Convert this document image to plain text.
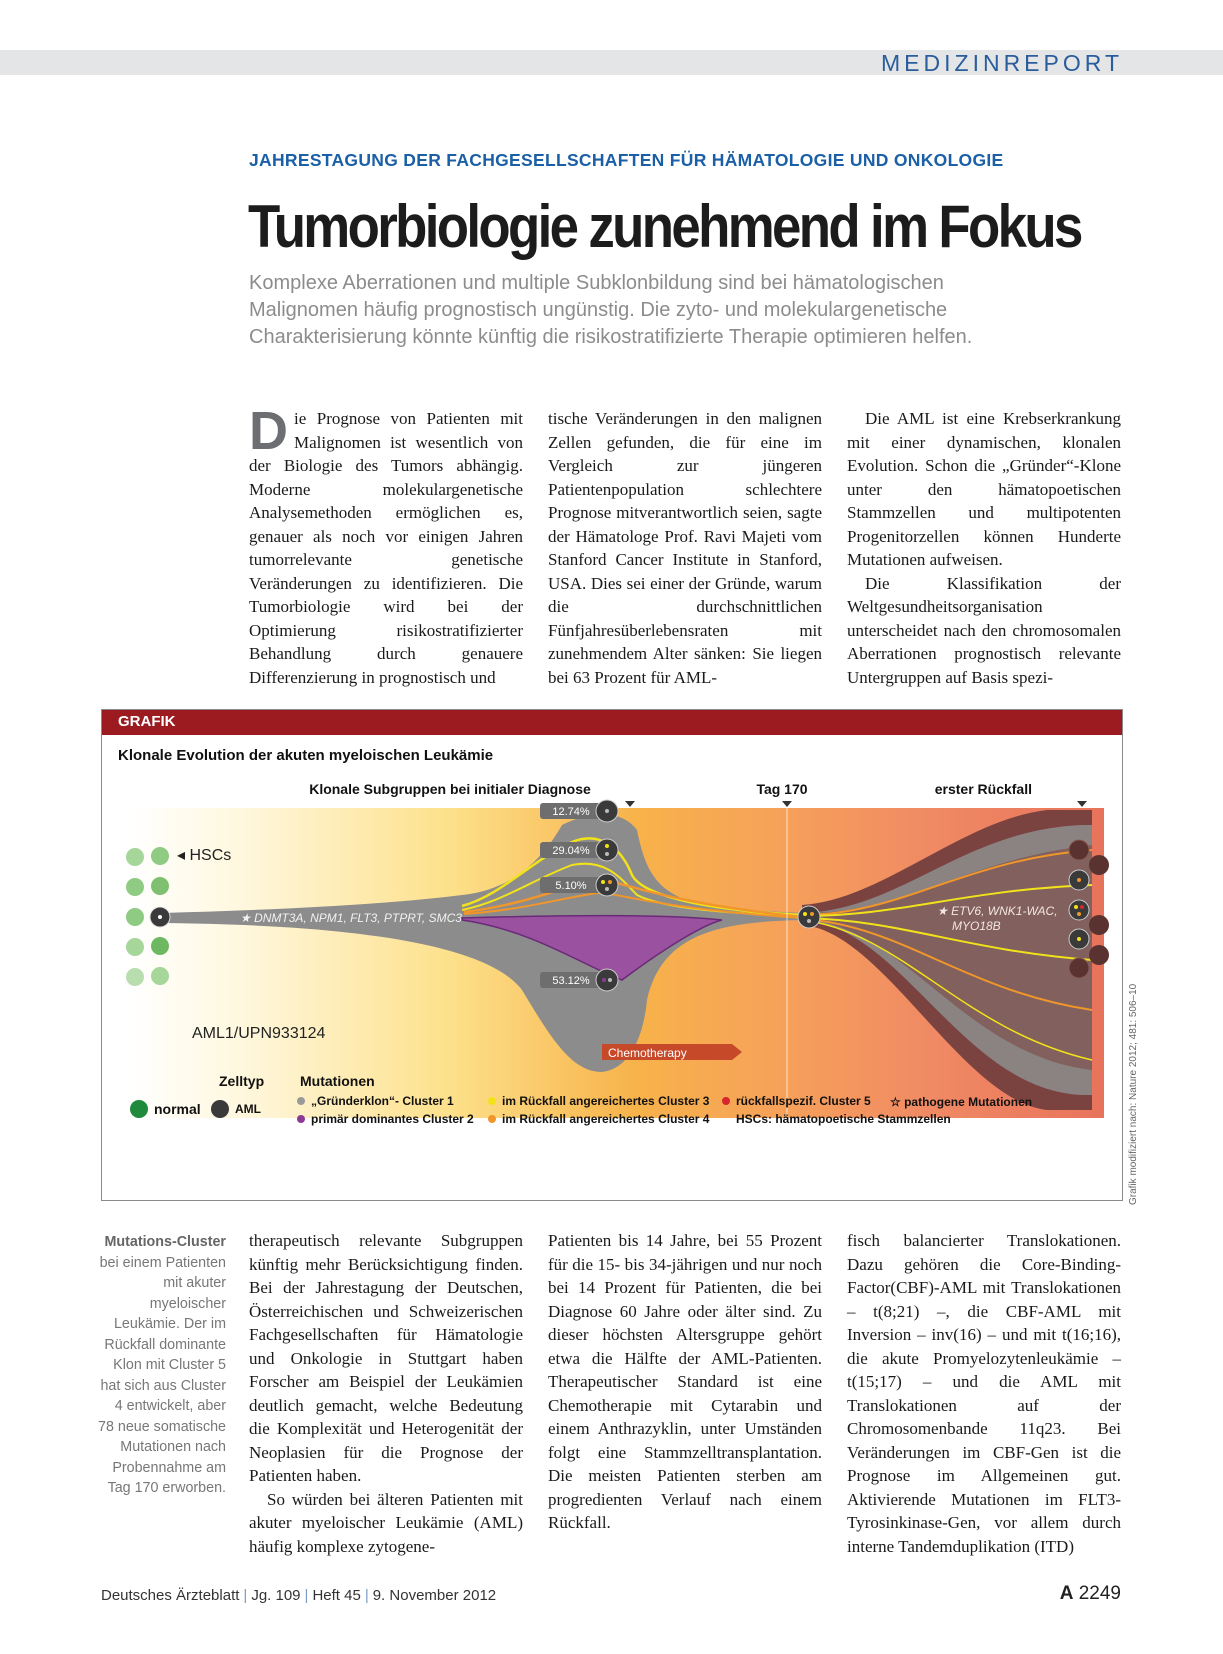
MEDIZINREPORT
JAHRESTAGUNG DER FACHGESELLSCHAFTEN FÜR HÄMATOLOGIE UND ONKOLOGIE
Tumorbiologie zunehmend im Fokus
Komplexe Aberrationen und multiple Subklonbildung sind bei hämatologischen
Malignomen häufig prognostisch ungünstig. Die zyto- und molekulargenetische
Charakterisierung könnte künftig die risikostratifizierte Therapie optimieren helfen.

Die Prognose von Patienten mit Malignomen ist wesentlich von der Biologie des Tumors abhängig. Moderne molekulargenetische Analysemethoden ermöglichen es, genauer als noch vor einigen Jahren tumorrelevante genetische Veränderungen zu identifizieren. Die Tumorbiologie wird bei der Optimierung risikostratifizierter Behandlung durch genauere Differenzierung in prognostisch und

tische Veränderungen in den malignen Zellen gefunden, die für eine im Vergleich zur jüngeren Patientenpopulation schlechtere Prognose mitverantwortlich seien, sagte der Hämatologe Prof. Ravi Majeti vom Stanford Cancer Institute in Stanford, USA. Dies sei einer der Gründe, warum die durchschnittlichen Fünfjahresüberlebensraten mit zunehmendem Alter sänken: Sie liegen bei 63 Prozent für AML-

Die AML ist eine Krebserkrankung mit einer dynamischen, klonalen Evolution. Schon die „Gründer“-Klone unter den hämatopoetischen Stammzellen und multipotenten Progenitorzellen können Hunderte Mutationen aufweisen.

Die Klassifikation der Weltgesundheitsorganisation unterscheidet nach den chromosomalen Aberrationen prognostisch relevante Untergruppen auf Basis spezi-

GRAFIK
Klonale Evolution der akuten myeloischen Leukämie
Klonale Subgruppen bei initialer Diagnose	Tag 170	erster Rückfall
◂ HSCs
★ DNMT3A, NPM1, FLT3, PTPRT, SMC3
12.74%
29.04%
5.10%
53.12%
★ ETV6, WNK1-WAC,
MYO18B
AML1/UPN933124
Chemotherapy
Zelltyp	Mutationen
normal	AML
„Gründerklon“- Cluster 1
primär dominantes Cluster 2
im Rückfall angereichertes Cluster 3
im Rückfall angereichertes Cluster 4
rückfallspezif. Cluster 5
HSCs: hämatopoetische Stammzellen
☆ pathogene Mutationen	Grafik modifiziert nach: Nature 2012; 481: 506–10
Mutations-Cluster bei einem Patienten mit akuter myeloischer Leukämie. Der im Rückfall dominante Klon mit Cluster 5 hat sich aus Cluster 4 entwickelt, aber 78 neue somatische Mutationen nach Probennahme am Tag 170 erworben.

therapeutisch relevante Subgruppen künftig mehr Berücksichtigung finden. Bei der Jahrestagung der Deutschen, Österreichischen und Schweizerischen Fachgesellschaften für Hämatologie und Onkologie in Stuttgart haben Forscher am Beispiel der Leukämien deutlich gemacht, welche Bedeutung die Komplexität und Heterogenität der Neoplasien für die Prognose der Patienten haben.

So würden bei älteren Patienten mit akuter myeloischer Leukämie (AML) häufig komplexe zytogene-

Patienten bis 14 Jahre, bei 55 Prozent für die 15- bis 34-jährigen und nur noch bei 14 Prozent für Patienten, die bei Diagnose 60 Jahre oder älter sind. Zu dieser höchsten Altersgruppe gehört etwa die Hälfte der AML-Patienten. Therapeutischer Standard ist eine Chemotherapie mit Cytarabin und einem Anthrazyklin, unter Umständen folgt eine Stammzelltransplantation. Die meisten Patienten sterben am progredienten Verlauf nach einem Rückfall.

fisch balancierter Translokationen. Dazu gehören die Core-Binding-Factor(CBF)-AML mit Translokationen – t(8;21) –, die CBF-AML mit Inversion – inv(16) – und mit t(16;16), die akute Promyelozytenleukämie – t(15;17) – und die AML mit Translokationen auf der Chromosomenbande 11q23. Bei Veränderungen im CBF-Gen ist die Prognose im Allgemeinen gut. Aktivierende Mutationen im FLT3-Tyrosinkinase-Gen, vor allem durch interne Tandemduplikation (ITD)

Deutsches Ärzteblatt | Jg. 109 | Heft 45 | 9. November 2012	A 2249
